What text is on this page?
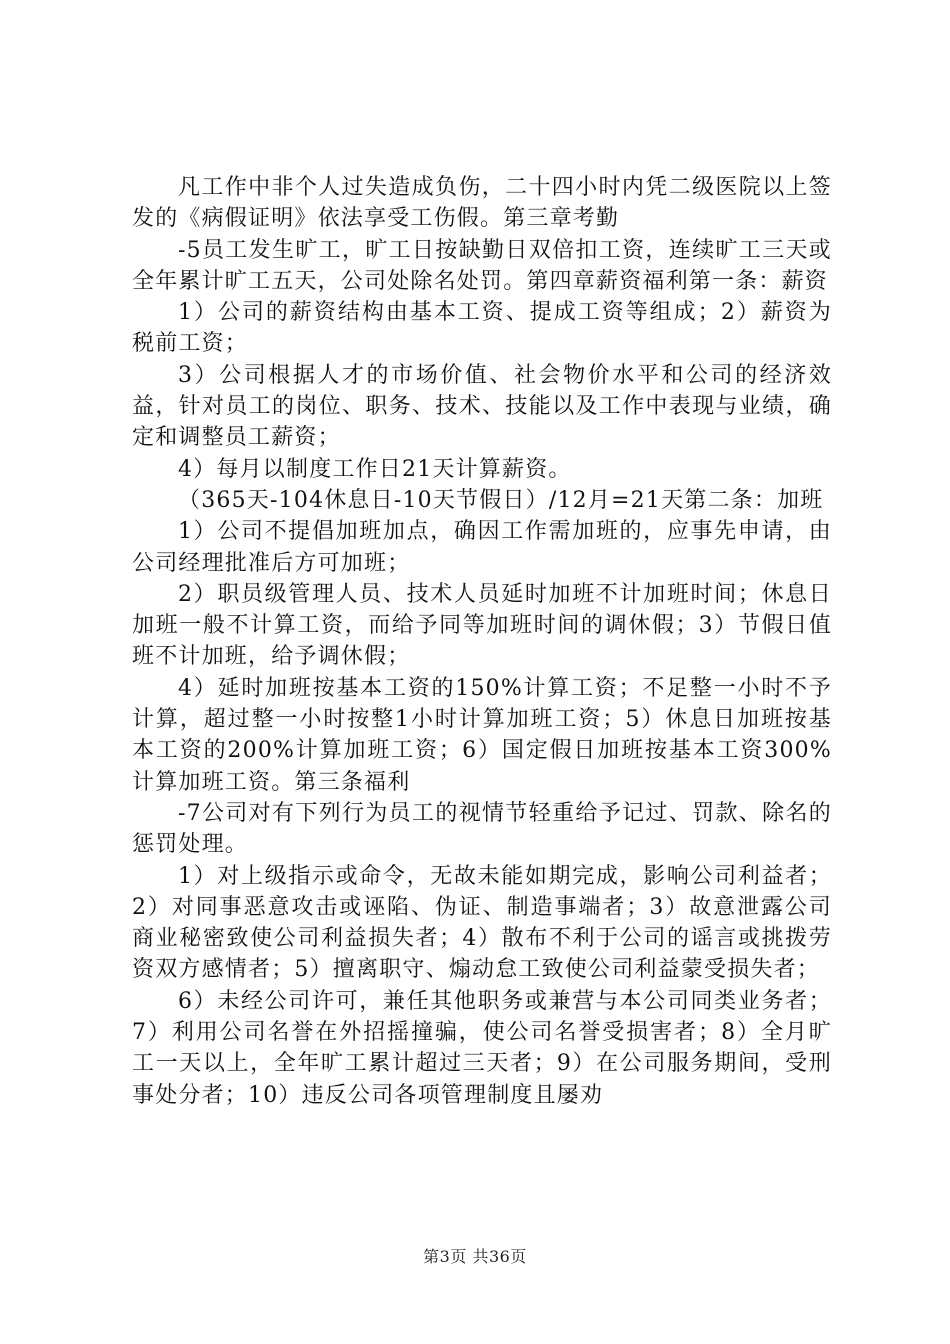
凡工作中非个人过失造成负伤，二十四小时内凭二级医院以上签发的《病假证明》依法享受工伤假。第三章考勤

-5员工发生旷工，旷工日按缺勤日双倍扣工资，连续旷工三天或全年累计旷工五天，公司处除名处罚。第四章薪资福利第一条：薪资

1）公司的薪资结构由基本工资、提成工资等组成；2）薪资为税前工资；

3）公司根据人才的市场价值、社会物价水平和公司的经济效益，针对员工的岗位、职务、技术、技能以及工作中表现与业绩，确定和调整员工薪资；

4）每月以制度工作日21天计算薪资。

（365天-104休息日-10天节假日）/12月=21天第二条：加班

1）公司不提倡加班加点，确因工作需加班的，应事先申请，由公司经理批准后方可加班；

2）职员级管理人员、技术人员延时加班不计加班时间；休息日加班一般不计算工资，而给予同等加班时间的调休假；3）节假日值班不计加班，给予调休假；

4）延时加班按基本工资的150%计算工资；不足整一小时不予计算，超过整一小时按整1小时计算加班工资；5）休息日加班按基本工资的200%计算加班工资；6）国定假日加班按基本工资300%计算加班工资。第三条福利

-7公司对有下列行为员工的视情节轻重给予记过、罚款、除名的惩罚处理。

1）对上级指示或命令，无故未能如期完成，影响公司利益者；2）对同事恶意攻击或诬陷、伪证、制造事端者；3）故意泄露公司商业秘密致使公司利益损失者；4）散布不利于公司的谣言或挑拨劳资双方感情者；5）擅离职守、煽动怠工致使公司利益蒙受损失者；

6）未经公司许可，兼任其他职务或兼营与本公司同类业务者；7）利用公司名誉在外招摇撞骗，使公司名誉受损害者；8）全月旷工一天以上，全年旷工累计超过三天者；9）在公司服务期间，受刑事处分者；10）违反公司各项管理制度且屡劝

第3页 共36页
